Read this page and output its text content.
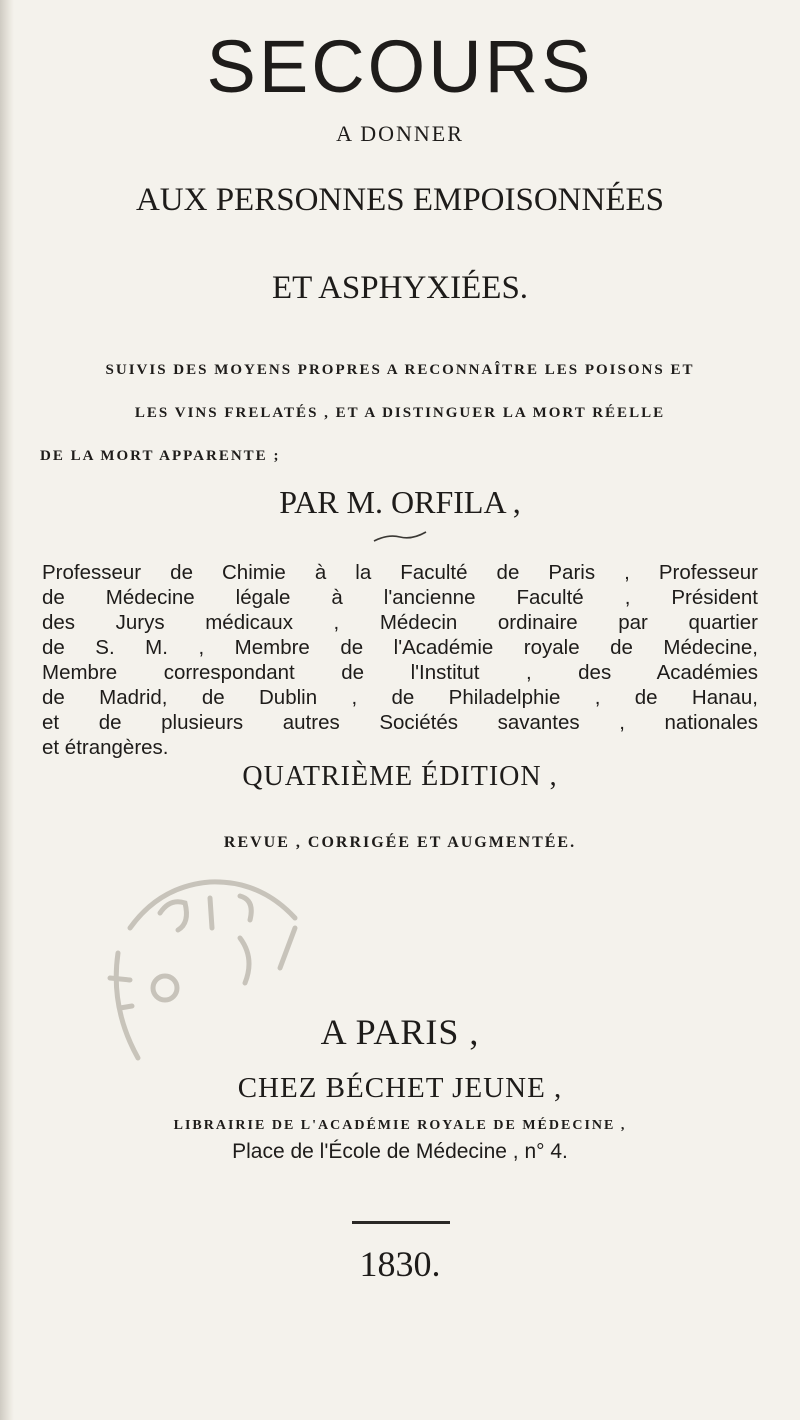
SECOURS
A DONNER
AUX PERSONNES EMPOISONNÉES
ET ASPHYXIÉES.
SUIVIS DES MOYENS PROPRES A RECONNAÎTRE LES POISONS ET
LES VINS FRELATÉS , ET A DISTINGUER LA MORT RÉELLE
DE LA MORT APPARENTE ;
PAR M. ORFILA ,
Professeur de Chimie à la Faculté de Paris , Professeur
de Médecine légale à l'ancienne Faculté , Président
des Jurys médicaux , Médecin ordinaire par quartier
de S. M. , Membre de l'Académie royale de Médecine,
Membre correspondant de l'Institut , des Académies
de Madrid, de Dublin , de Philadelphie , de Hanau,
et de plusieurs autres Sociétés savantes , nationales
et étrangères.
QUATRIÈME ÉDITION ,
REVUE , CORRIGÉE ET AUGMENTÉE.
A PARIS ,
CHEZ BÉCHET JEUNE ,
LIBRAIRIE DE L'ACADÉMIE ROYALE DE MÉDECINE ,
Place de l'École de Médecine , n° 4.
1830.
